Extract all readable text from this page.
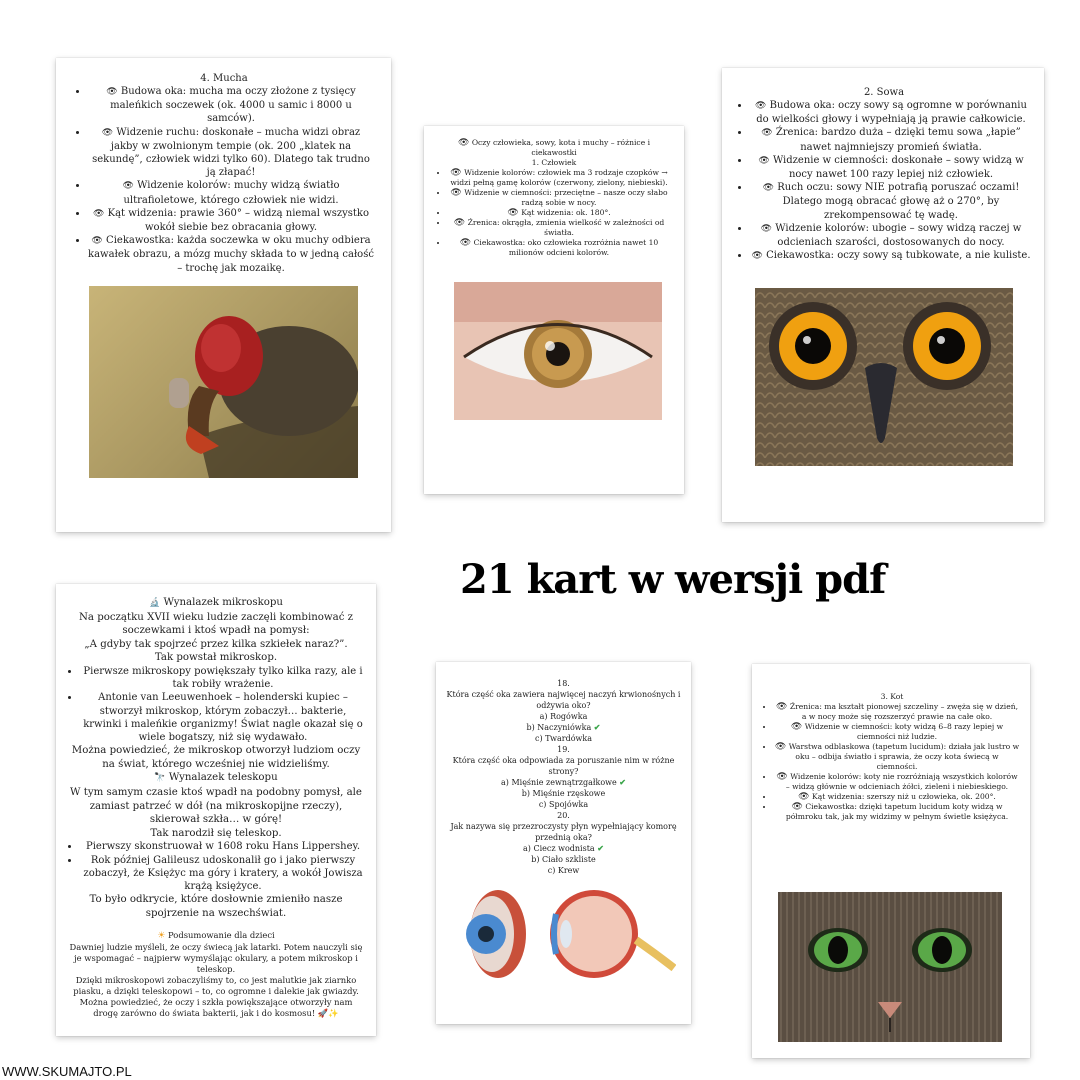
4. Mucha

• 👁 Budowa oka: mucha ma oczy złożone z tysięcy maleńkich soczewek (ok. 4000 u samic i 8000 u samców).
• 👁 Widzenie ruchu: doskonałe – mucha widzi obraz jakby w zwolnionym tempie (ok. 200 „klatek na sekundę”, człowiek widzi tylko 60). Dlatego tak trudno ją złapać!
• 👁 Widzenie kolorów: muchy widzą światło ultrafioletowe, którego człowiek nie widzi.
• 👁 Kąt widzenia: prawie 360° – widzą niemal wszystko wokół siebie bez obracania głowy.
• 👁 Ciekawostka: każda soczewka w oku muchy odbiera kawałek obrazu, a mózg muchy składa to w jedną całość – trochę jak mozaikę.

👁 Oczy człowieka, sowy, kota i muchy – różnice i ciekawostki

1. Człowiek

• 👁 Widzenie kolorów: człowiek ma 3 rodzaje czopków → widzi pełną gamę kolorów (czerwony, zielony, niebieski).
• 👁 Widzenie w ciemności: przeciętne – nasze oczy słabo radzą sobie w nocy.
• 👁 Kąt widzenia: ok. 180°.
• 👁 Źrenica: okrągła, zmienia wielkość w zależności od światła.
• 👁 Ciekawostka: oko człowieka rozróżnia nawet 10 milionów odcieni kolorów.

2. Sowa

• 👁 Budowa oka: oczy sowy są ogromne w porównaniu do wielkości głowy i wypełniają ją prawie całkowicie.
• 👁 Źrenica: bardzo duża – dzięki temu sowa „łapie” nawet najmniejszy promień światła.
• 👁 Widzenie w ciemności: doskonałe – sowy widzą w nocy nawet 100 razy lepiej niż człowiek.
• 👁 Ruch oczu: sowy NIE potrafią poruszać oczami! Dlatego mogą obracać głowę aż o 270°, by zrekompensować tę wadę.
• 👁 Widzenie kolorów: ubogie – sowy widzą raczej w odcieniach szarości, dostosowanych do nocy.
• 👁 Ciekawostka: oczy sowy są tubkowate, a nie kuliste.
21 kart w wersji pdf

🔬 Wynalazek mikroskopu

Na początku XVII wieku ludzie zaczęli kombinować z soczewkami i ktoś wpadł na pomysł:

„A gdyby tak spojrzeć przez kilka szkiełek naraz?”.

Tak powstał mikroskop.

• Pierwsze mikroskopy powiększały tylko kilka razy, ale i tak robiły wrażenie.
• Antonie van Leeuwenhoek – holenderski kupiec – stworzył mikroskop, którym zobaczył… bakterie, krwinki i maleńkie organizmy! Świat nagle okazał się o wiele bogatszy, niż się wydawało.

Można powiedzieć, że mikroskop otworzył ludziom oczy na świat, którego wcześniej nie widzieliśmy.

🔭 Wynalazek teleskopu

W tym samym czasie ktoś wpadł na podobny pomysł, ale zamiast patrzeć w dół (na mikroskopijne rzeczy), skierował szkła… w górę!

Tak narodził się teleskop.

• Pierwszy skonstruował w 1608 roku Hans Lippershey.
• Rok później Galileusz udoskonalił go i jako pierwszy zobaczył, że Księżyc ma góry i kratery, a wokół Jowisza krążą księżyce.

To było odkrycie, które dosłownie zmieniło nasze spojrzenie na wszechświat.

☀ Podsumowanie dla dzieci

Dawniej ludzie myśleli, że oczy świecą jak latarki. Potem nauczyli się je wspomagać – najpierw wymyślając okulary, a potem mikroskop i teleskop.

Dzięki mikroskopowi zobaczyliśmy to, co jest malutkie jak ziarnko piasku, a dzięki teleskopowi – to, co ogromne i dalekie jak gwiazdy. Można powiedzieć, że oczy i szkła powiększające otworzyły nam drogę zarówno do świata bakterii, jak i do kosmosu! 🚀✨

18.

Która część oka zawiera najwięcej naczyń krwionośnych i odżywia oko?

a) Rogówka

b) Naczyniówka ✔

c) Twardówka

19.

Która część oka odpowiada za poruszanie nim w różne strony?

a) Mięśnie zewnątrzgałkowe ✔

b) Mięśnie rzęskowe

c) Spojówka

20.

Jak nazywa się przezroczysty płyn wypełniający komorę przednią oka?

a) Ciecz wodnista ✔

b) Ciało szkliste

c) Krew

3. Kot

• 👁 Źrenica: ma kształt pionowej szczeliny – zwęża się w dzień, a w nocy może się rozszerzyć prawie na całe oko.
• 👁 Widzenie w ciemności: koty widzą 6–8 razy lepiej w ciemności niż ludzie.
• 👁 Warstwa odblaskowa (tapetum lucidum): działa jak lustro w oku – odbija światło i sprawia, że oczy kota świecą w ciemności.
• 👁 Widzenie kolorów: koty nie rozróżniają wszystkich kolorów – widzą głównie w odcieniach żółci, zieleni i niebieskiego.
• 👁 Kąt widzenia: szerszy niż u człowieka, ok. 200°.
• 👁 Ciekawostka: dzięki tapetum lucidum koty widzą w półmroku tak, jak my widzimy w pełnym świetle księżyca.
WWW.SKUMAJTO.PL
